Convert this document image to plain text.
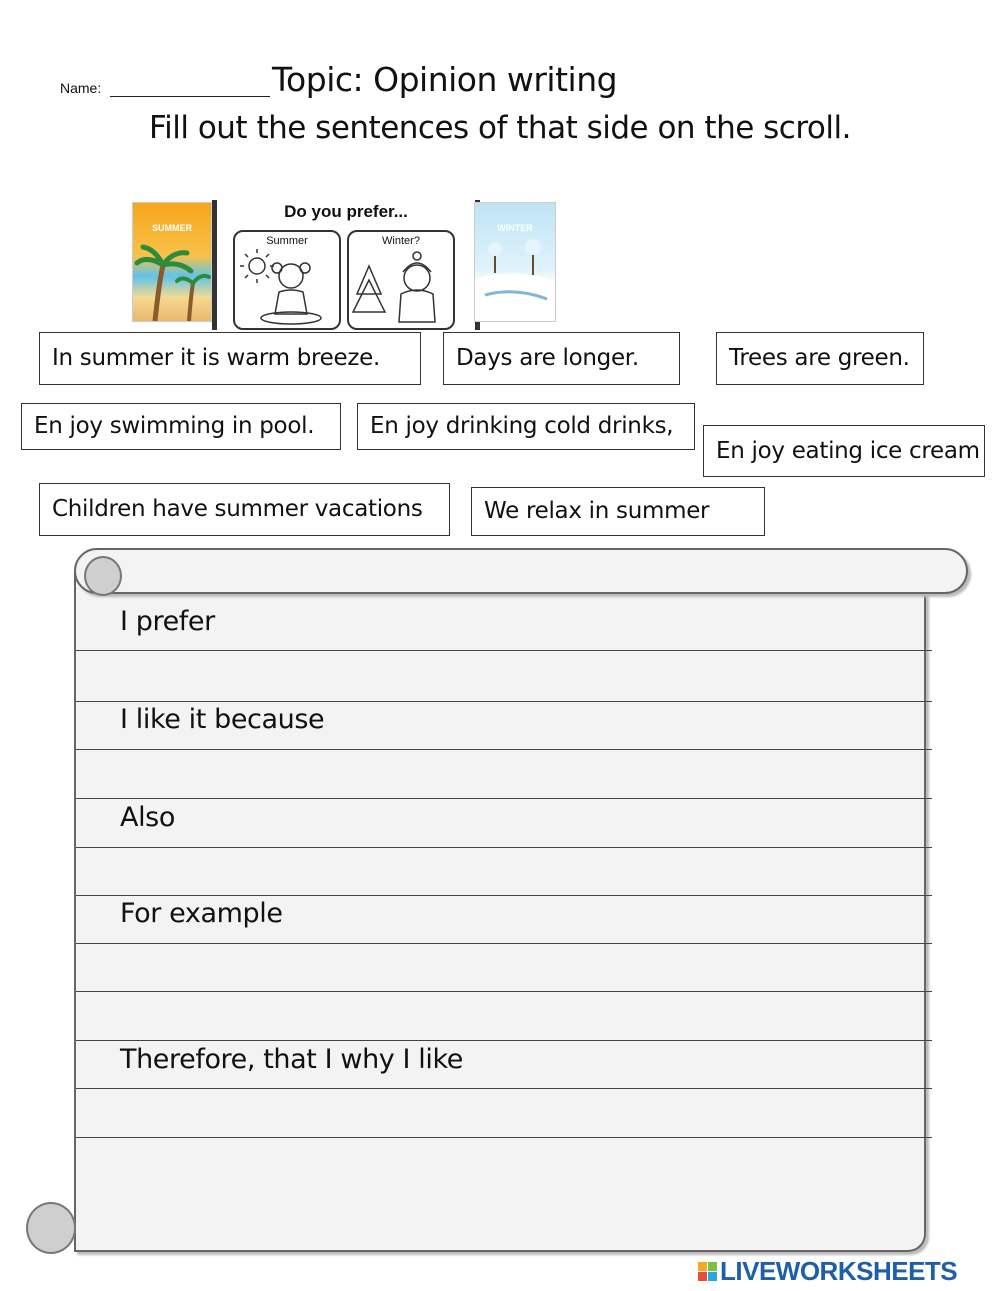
Name:	Topic: Opinion writing
Fill out the sentences of that side on the scroll.
SUMMER
Do you prefer...
Summer	Winter?
WINTER
In summer it is warm breeze.	Days are longer.	Trees are green.
En joy swimming in pool.	En joy drinking cold drinks,
En joy eating ice cream
Children have summer vacations	We relax in summer
I prefer
I like it because
Also
For example
Therefore, that I why I like
LIVEWORKSHEETS
